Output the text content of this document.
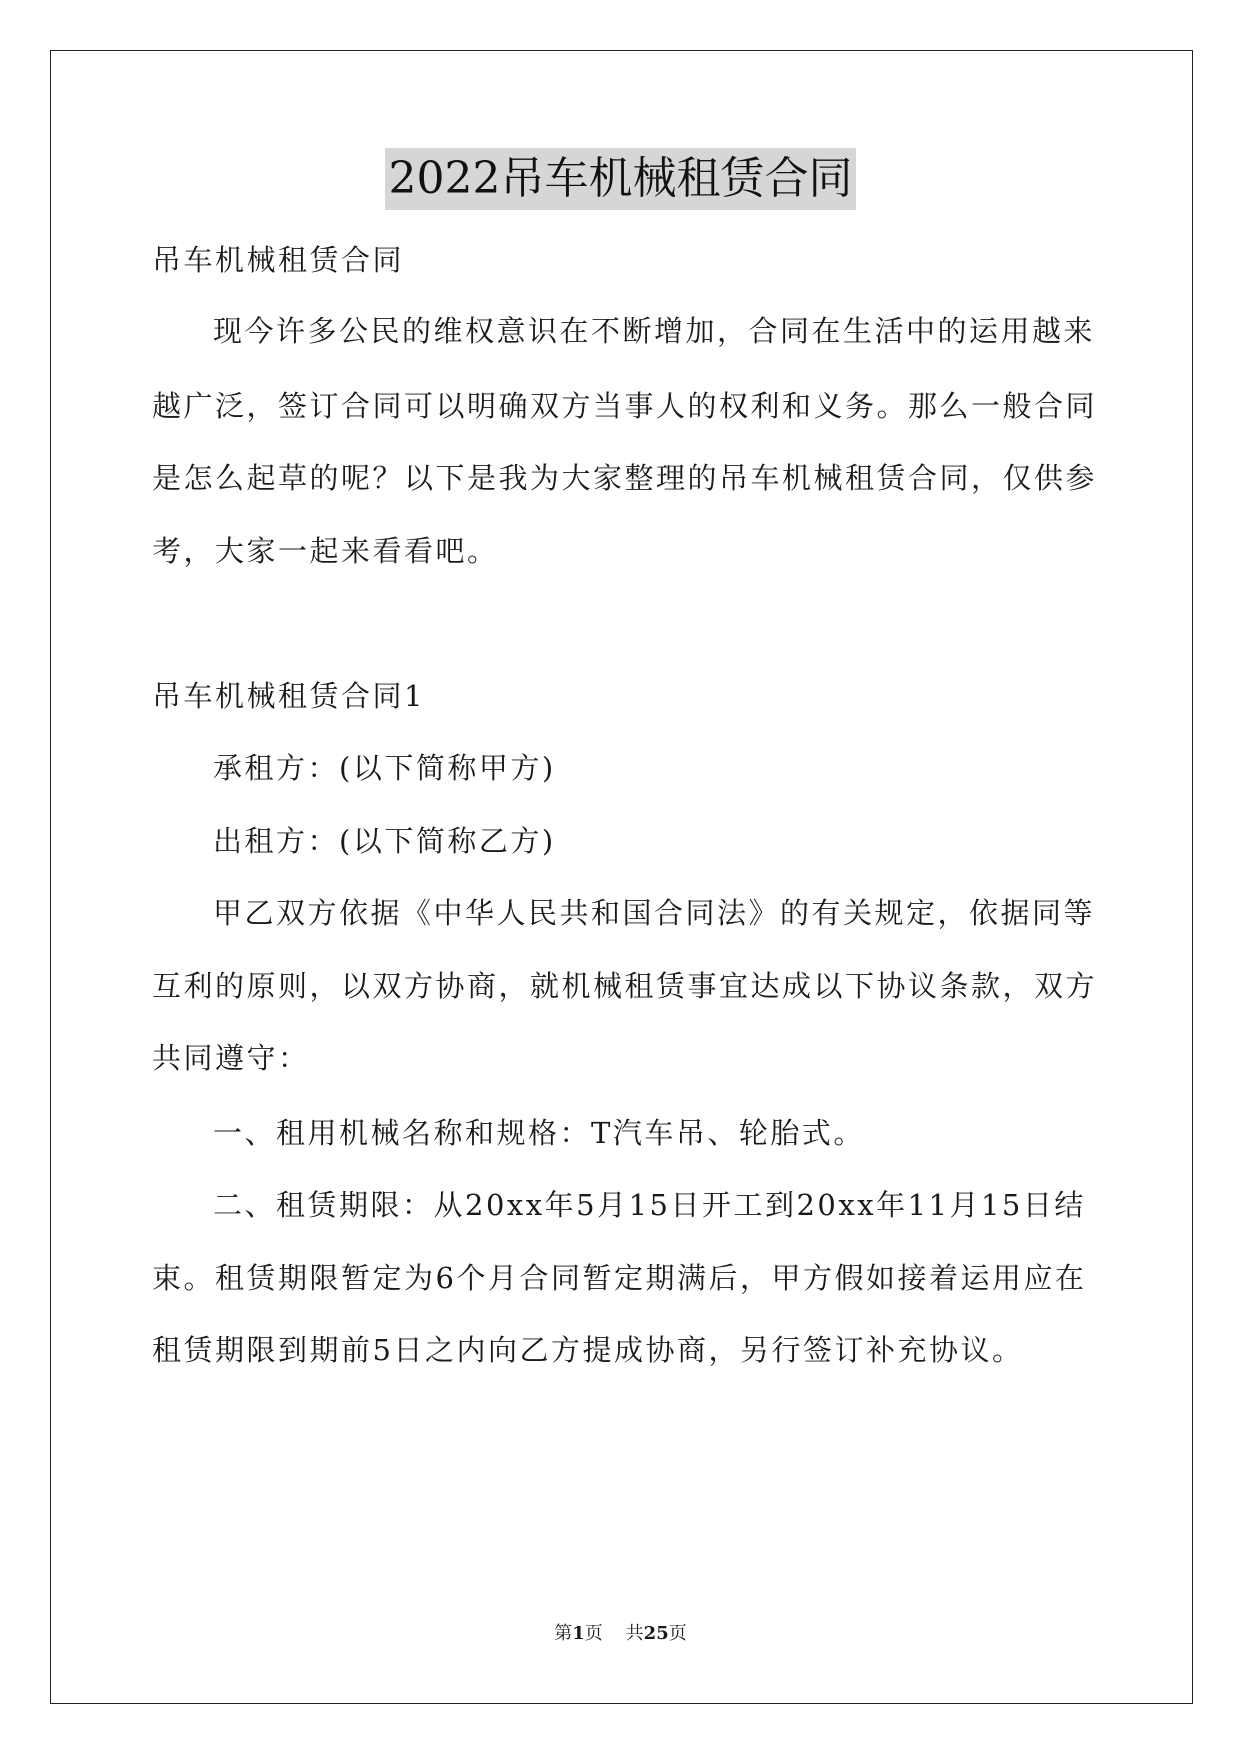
2022吊车机械租赁合同
吊车机械租赁合同
现今许多公民的维权意识在不断增加，合同在生活中的运用越来
越广泛，签订合同可以明确双方当事人的权利和义务。那么一般合同
是怎么起草的呢？以下是我为大家整理的吊车机械租赁合同，仅供参
考，大家一起来看看吧。
吊车机械租赁合同1
承租方：(以下简称甲方)
出租方：(以下简称乙方)
甲乙双方依据《中华人民共和国合同法》的有关规定，依据同等
互利的原则，以双方协商，就机械租赁事宜达成以下协议条款，双方
共同遵守：
一、租用机械名称和规格：T汽车吊、轮胎式。
二、租赁期限：从20xx年5月15日开工到20xx年11月15日结
束。租赁期限暂定为6个月合同暂定期满后，甲方假如接着运用应在
租赁期限到期前5日之内向乙方提成协商，另行签订补充协议。
第1页 共25页
